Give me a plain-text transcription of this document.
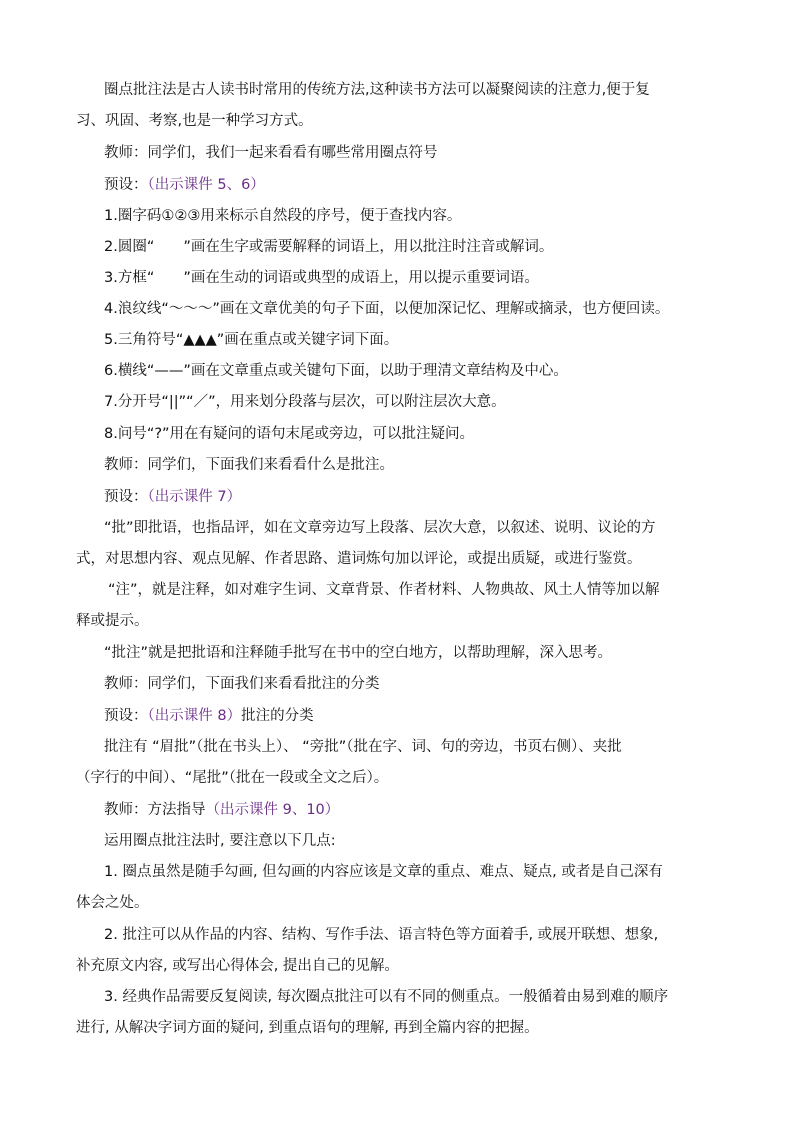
圈点批注法是古人读书时常用的传统方法,这种读书方法可以凝聚阅读的注意力,便于复
习、巩固、考察,也是一种学习方式。
教师：同学们，我们一起来看看有哪些常用圈点符号
预设：（出示课件 5、6）
1.圈字码①②③用来标示自然段的序号，便于查找内容。
2.圆圈“　　”画在生字或需要解释的词语上，用以批注时注音或解词。
3.方框“　　”画在生动的词语或典型的成语上，用以提示重要词语。
4.浪纹线“～～～”画在文章优美的句子下面，以便加深记忆、理解或摘录，也方便回读。
5.三角符号“▲▲▲”画在重点或关键字词下面。
6.横线“——”画在文章重点或关键句下面，以助于理清文章结构及中心。
7.分开号“||”“／”，用来划分段落与层次，可以附注层次大意。
8.问号“?”用在有疑问的语句末尾或旁边，可以批注疑问。
教师：同学们，下面我们来看看什么是批注。
预设：（出示课件 7）
“批”即批语，也指品评，如在文章旁边写上段落、层次大意，以叙述、说明、议论的方
式，对思想内容、观点见解、作者思路、遣词炼句加以评论，或提出质疑，或进行鉴赏。
“注”，就是注释，如对难字生词、文章背景、作者材料、人物典故、风土人情等加以解
释或提示。
“批注”就是把批语和注释随手批写在书中的空白地方，以帮助理解，深入思考。
教师：同学们，下面我们来看看批注的分类
预设：（出示课件 8）批注的分类
批注有 “眉批”（批在书头上）、 “旁批”（批在字、词、句的旁边，书页右侧）、夹批
（字行的中间）、“尾批”（批在一段或全文之后）。
教师：方法指导（出示课件 9、10）
运用圈点批注法时, 要注意以下几点:
1. 圈点虽然是随手勾画, 但勾画的内容应该是文章的重点、难点、疑点, 或者是自己深有
体会之处。
2. 批注可以从作品的内容、结构、写作手法、语言特色等方面着手, 或展开联想、想象,
补充原文内容, 或写出心得体会, 提出自己的见解。
3. 经典作品需要反复阅读, 每次圈点批注可以有不同的侧重点。一般循着由易到难的顺序
进行, 从解决字词方面的疑问, 到重点语句的理解, 再到全篇内容的把握。
